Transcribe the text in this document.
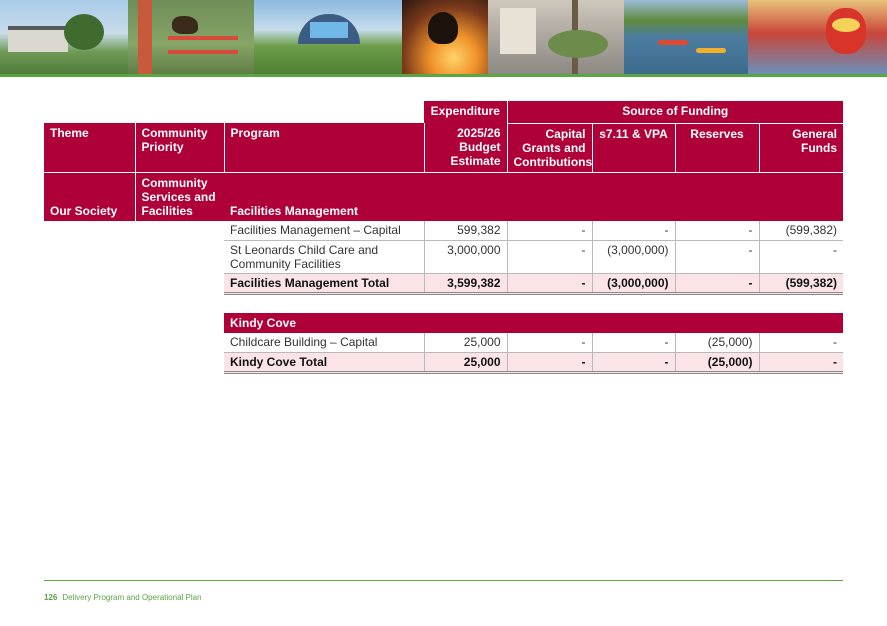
			Expenditure	Source of Funding			
Theme	Community Priority	Program	2025/26 Budget Estimate	Capital Grants and Contributions	s7.11 & VPA	Reserves	General Funds
Our Society	Community Services and Facilities	Facilities Management					
		Facilities Management – Capital	599,382	-	-	-	(599,382)
		St Leonards Child Care and Community Facilities	3,000,000	-	(3,000,000)	-	-
		Facilities Management Total	3,599,382	-	(3,000,000)	-	(599,382)

		Kindy Cove					
		Childcare Building – Capital	25,000	-	-	(25,000)	-
		Kindy Cove Total	25,000	-	-	(25,000)	-
126 Delivery Program and Operational Plan
